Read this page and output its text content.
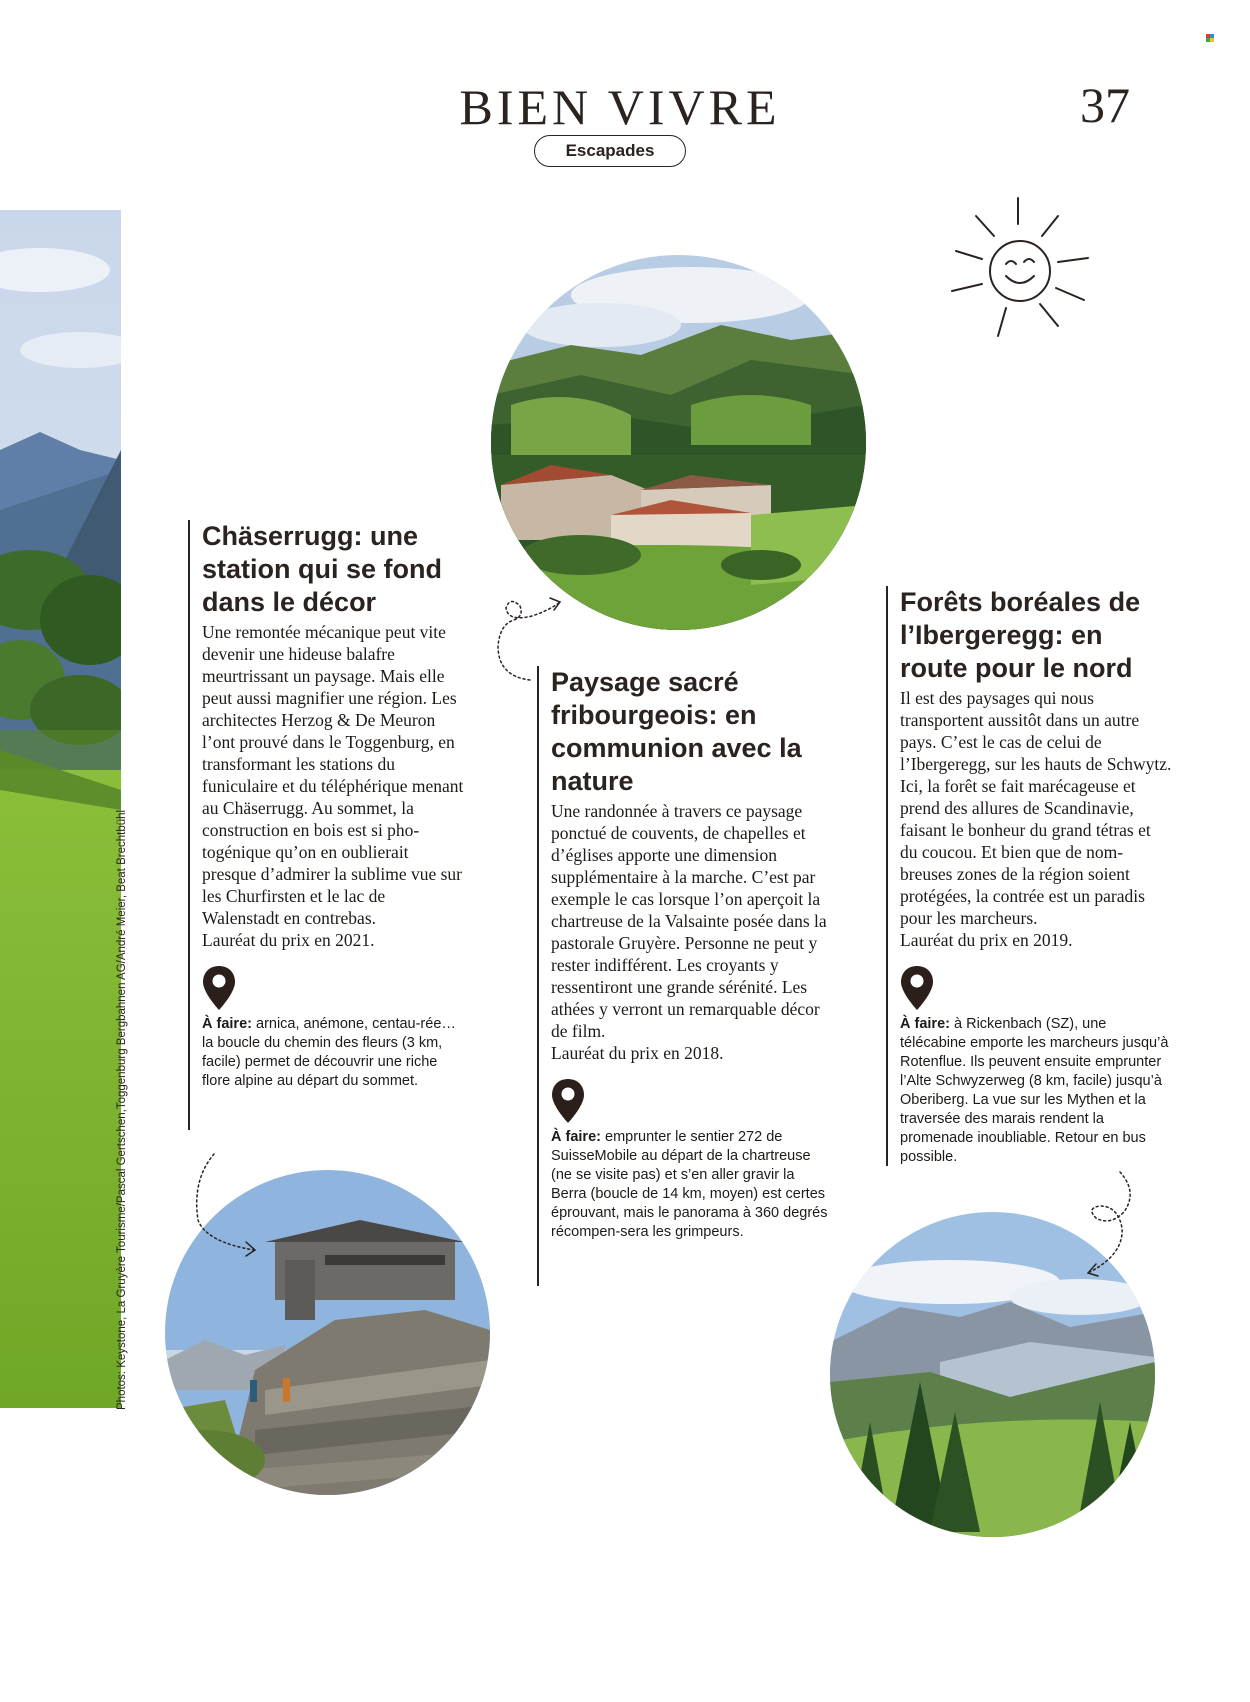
BIEN VIVRE	37
Escapades
Photos: Keystone, La Gruyère Tourisme/Pascal Gertschen,Toggenburg Bergbahnen AG/André Meier, Beat Brechtbühl
Chäserrugg: une station qui se fond dans le décor

Une remontée mécanique peut vite devenir une hideuse balafre meurtrissant un paysage. Mais elle peut aussi magnifier une région. Les architectes Herzog & De Meuron l’ont prouvé dans le Toggenburg, en transformant les stations du funiculaire et du téléphérique menant au Chäserrugg. Au sommet, la construction en bois est si pho-togénique qu’on en oublierait presque d’admirer la sublime vue sur les Churfirsten et le lac de Walenstadt en contrebas.

Lauréat du prix en 2021.

À faire: arnica, anémone, centau-rée… la boucle du chemin des fleurs (3 km, facile) permet de découvrir une riche flore alpine au départ du sommet.

Paysage sacré fribourgeois: en communion avec la nature

Une randonnée à travers ce paysage ponctué de couvents, de chapelles et d’églises apporte une dimension supplémentaire à la marche. C’est par exemple le cas lorsque l’on aperçoit la chartreuse de la Valsainte posée dans la pastorale Gruyère. Personne ne peut y rester indifférent. Les croyants y ressentiront une grande sérénité. Les athées y verront un remarquable décor de film.

Lauréat du prix en 2018.

À faire: emprunter le sentier 272 de SuisseMobile au départ de la chartreuse (ne se visite pas) et s’en aller gravir la Berra (boucle de 14 km, moyen) est certes éprouvant, mais le panorama à 360 degrés récompen-sera les grimpeurs.

Forêts boréales de l’Ibergeregg: en route pour le nord

Il est des paysages qui nous transportent aussitôt dans un autre pays. C’est le cas de celui de l’Ibergeregg, sur les hauts de Schwytz. Ici, la forêt se fait marécageuse et prend des allures de Scandinavie, faisant le bonheur du grand tétras et du coucou. Et bien que de nom-breuses zones de la région soient protégées, la contrée est un paradis pour les marcheurs.

Lauréat du prix en 2019.

À faire: à Rickenbach (SZ), une télécabine emporte les marcheurs jusqu’à Rotenflue. Ils peuvent ensuite emprunter l’Alte Schwyzerweg (8 km, facile) jusqu’à Oberiberg. La vue sur les Mythen et la traversée des marais rendent la promenade inoubliable. Retour en bus possible.
